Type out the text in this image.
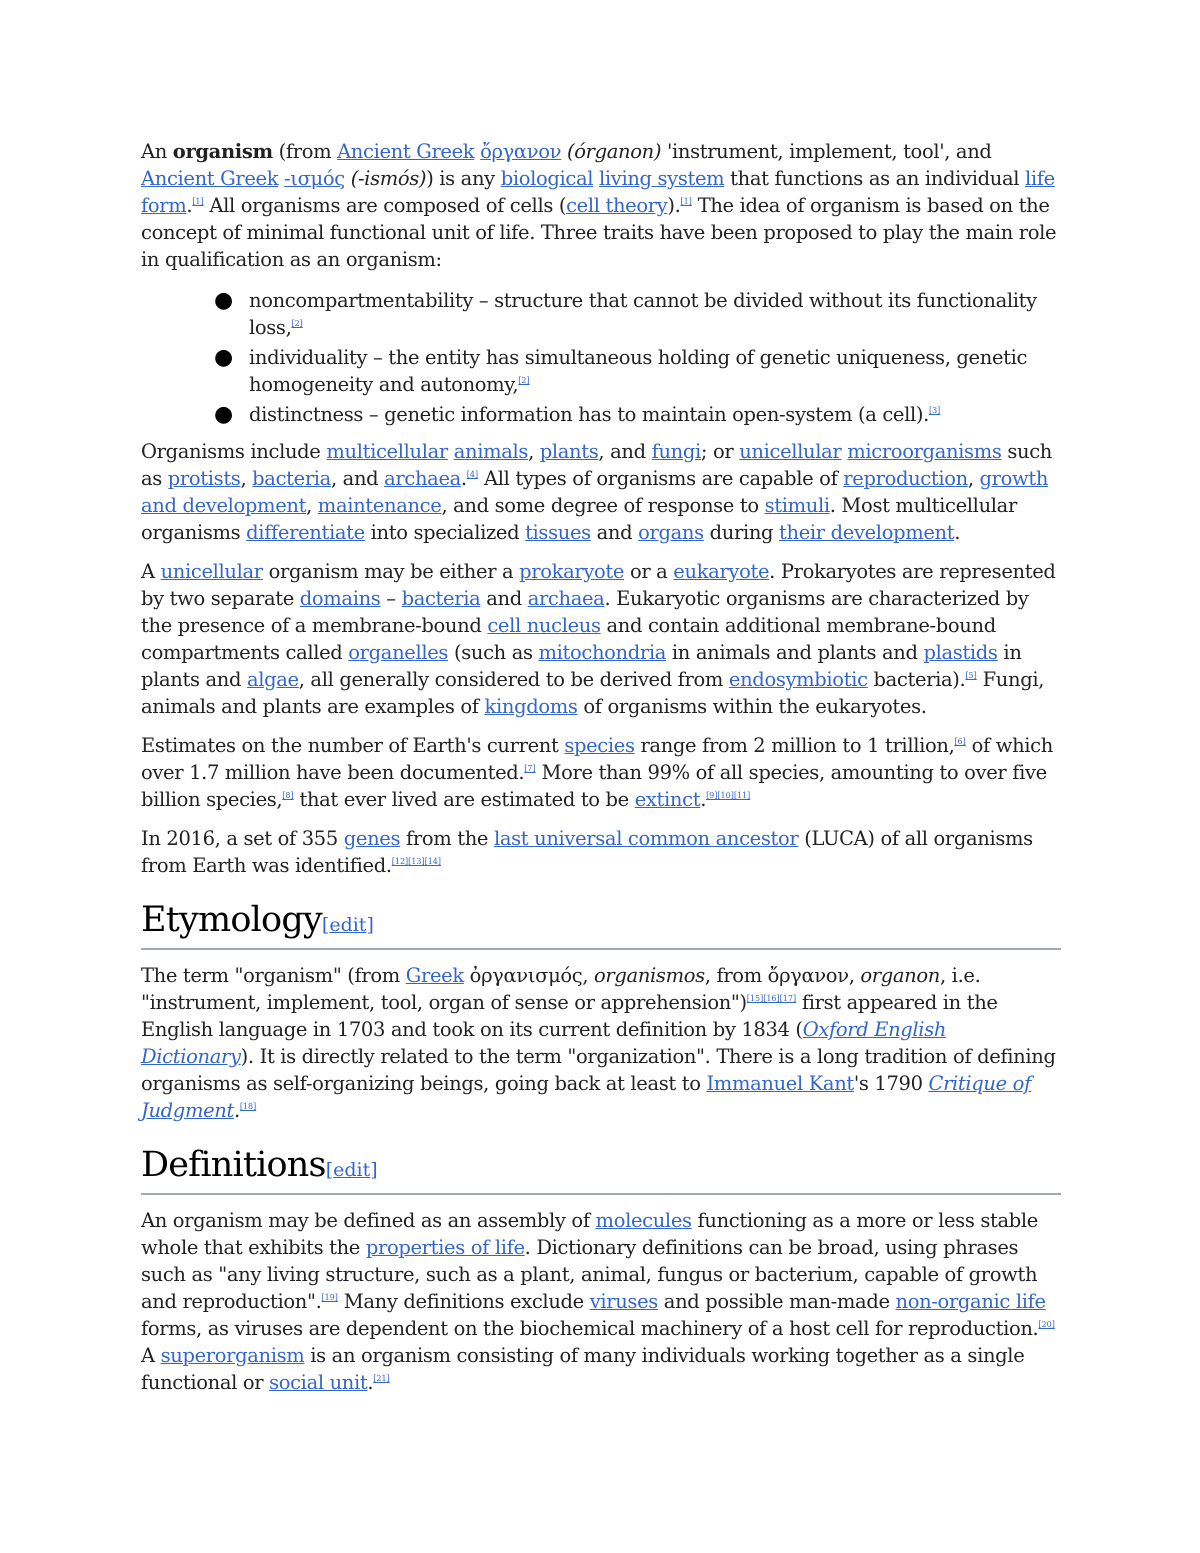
An organism (from Ancient Greek ὄργανον (órganon) 'instrument, implement, tool', and Ancient Greek -ισμός (-ismós)) is any biological living system that functions as an individual life form.[1] All organisms are composed of cells (cell theory).[1] The idea of organism is based on the concept of minimal functional unit of life. Three traits have been proposed to play the main role in qualification as an organism:

● noncompartmentability – structure that cannot be divided without its functionality loss,[2]
● individuality – the entity has simultaneous holding of genetic uniqueness, genetic homogeneity and autonomy,[2]
● distinctness – genetic information has to maintain open-system (a cell).[3]

Organisms include multicellular animals, plants, and fungi; or unicellular microorganisms such as protists, bacteria, and archaea.[4] All types of organisms are capable of reproduction, growth and development, maintenance, and some degree of response to stimuli. Most multicellular organisms differentiate into specialized tissues and organs during their development.

A unicellular organism may be either a prokaryote or a eukaryote. Prokaryotes are represented by two separate domains – bacteria and archaea. Eukaryotic organisms are characterized by the presence of a membrane-bound cell nucleus and contain additional membrane-bound compartments called organelles (such as mitochondria in animals and plants and plastids in plants and algae, all generally considered to be derived from endosymbiotic bacteria).[5] Fungi, animals and plants are examples of kingdoms of organisms within the eukaryotes.

Estimates on the number of Earth's current species range from 2 million to 1 trillion,[6] of which over 1.7 million have been documented.[7] More than 99% of all species, amounting to over five billion species,[8] that ever lived are estimated to be extinct.[9][10][11]

In 2016, a set of 355 genes from the last universal common ancestor (LUCA) of all organisms from Earth was identified.[12][13][14]

Etymology[edit]

The term "organism" (from Greek ὀργανισμός, organismos, from ὄργανον, organon, i.e. "instrument, implement, tool, organ of sense or apprehension")[15][16][17] first appeared in the English language in 1703 and took on its current definition by 1834 (Oxford English Dictionary). It is directly related to the term "organization". There is a long tradition of defining organisms as self-organizing beings, going back at least to Immanuel Kant's 1790 Critique of Judgment.[18]

Definitions[edit]

An organism may be defined as an assembly of molecules functioning as a more or less stable whole that exhibits the properties of life. Dictionary definitions can be broad, using phrases such as "any living structure, such as a plant, animal, fungus or bacterium, capable of growth and reproduction".[19] Many definitions exclude viruses and possible man-made non-organic life forms, as viruses are dependent on the biochemical machinery of a host cell for reproduction.[20] A superorganism is an organism consisting of many individuals working together as a single functional or social unit.[21]
